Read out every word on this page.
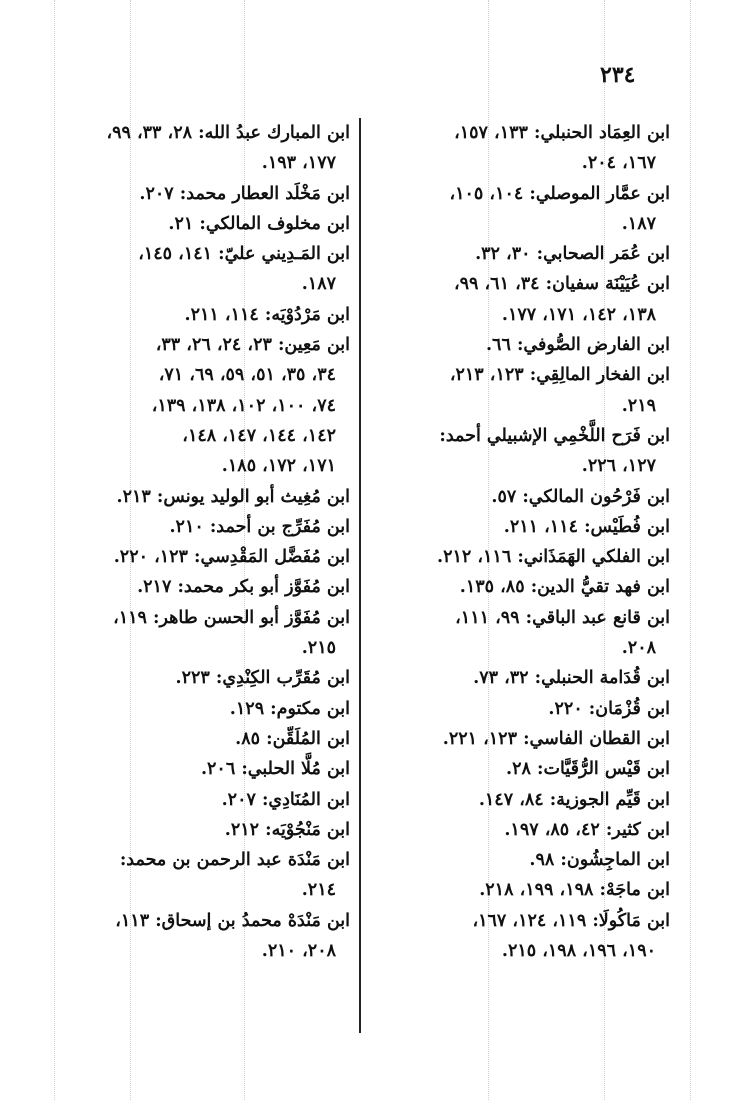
٢٣٤

ابن العِمَاد الحنبلي: ١٣٣، ١٥٧،
١٦٧، ٢٠٤.

ابن عمَّار الموصلي: ١٠٤، ١٠٥،
١٨٧.

ابن عُمَر الصحابي: ٣٠، ٣٢.

ابن عُيَيْنَة سفيان: ٣٤، ٦١، ٩٩،
١٣٨، ١٤٢، ١٧١، ١٧٧.

ابن الفارض الصُّوفي: ٦٦.

ابن الفخار المالِقِي: ١٢٣، ٢١٣،
٢١٩.

ابن فَرَح اللَّخْمِي الإشبيلي أحمد:
١٢٧، ٢٢٦.

ابن فَرْحُون المالكي: ٥٧.

ابن فُطَيْس: ١١٤، ٢١١.

ابن الفلكي الهَمَذَاني: ١١٦، ٢١٢.

ابن فهد تقيُّ الدين: ٨٥، ١٣٥.

ابن قانع عبد الباقي: ٩٩، ١١١،
٢٠٨.

ابن قُدَامة الحنبلي: ٣٢، ٧٣.

ابن قُزْمَان: ٢٢٠.

ابن القطان الفاسي: ١٢٣، ٢٢١.

ابن قَيْس الرُّقَيَّات: ٢٨.

ابن قَيِّم الجوزية: ٨٤، ١٤٧.

ابن كثير: ٤٢، ٨٥، ١٩٧.

ابن الماجِشُون: ٩٨.

ابن ماجَهْ: ١٩٨، ١٩٩، ٢١٨.

ابن مَاكُولَا: ١١٩، ١٢٤، ١٦٧،
١٩٠، ١٩٦، ١٩٨، ٢١٥.

ابن المبارك عبدُ الله: ٢٨، ٣٣، ٩٩،
١٧٧، ١٩٣.

ابن مَخْلَد العطار محمد: ٢٠٧.

ابن مخلوف المالكي: ٢١.

ابن المَـدِيني عليّ: ١٤١، ١٤٥،
١٨٧.

ابن مَرْدُوْيَه: ١١٤، ٢١١.

ابن مَعِين: ٢٣، ٢٤، ٢٦، ٣٣،
٣٤، ٣٥، ٥١، ٥٩، ٦٩، ٧١،
٧٤، ١٠٠، ١٠٢، ١٣٨، ١٣٩،
١٤٢، ١٤٤، ١٤٧، ١٤٨،
١٧١، ١٧٢، ١٨٥.

ابن مُغِيث أبو الوليد يونس: ٢١٣.

ابن مُفَرِّج بن أحمد: ٢١٠.

ابن مُفَضَّل المَقْدِسي: ١٢٣، ٢٢٠.

ابن مُفَوَّز أبو بكر محمد: ٢١٧.

ابن مُفَوَّز أبو الحسن طاهر: ١١٩،
٢١٥.

ابن مُقَرِّب الكِنْدِي: ٢٢٣.

ابن مكتوم: ١٢٩.

ابن المُلَقِّن: ٨٥.

ابن مُلَّا الحلبي: ٢٠٦.

ابن المُنَادِي: ٢٠٧.

ابن مَنْجُوْيَه: ٢١٢.

ابن مَنْدَة عبد الرحمن بن محمد:
٢١٤.

ابن مَنْدَهْ محمدُ بن إسحاق: ١١٣،
٢٠٨، ٢١٠.
